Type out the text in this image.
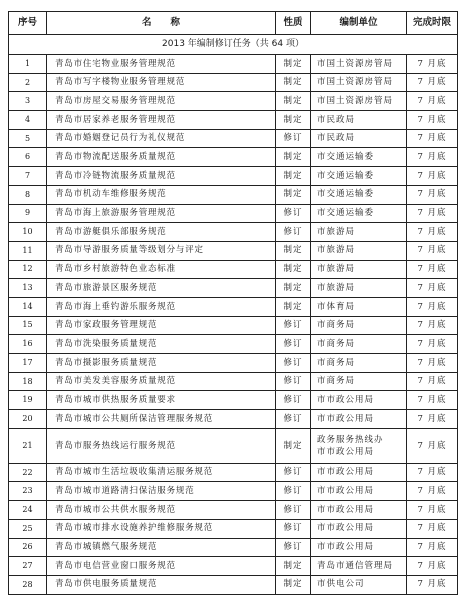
序号	名　　称	性质	编制单位	完成时限
2013 年编制修订任务（共 64 项）				
1	青岛市住宅物业服务管理规范	制定	市国土资源房管局	7 月底
2	青岛市写字楼物业服务管理规范	制定	市国土资源房管局	7 月底
3	青岛市房屋交易服务管理规范	制定	市国土资源房管局	7 月底
4	青岛市居家养老服务管理规范	制定	市民政局	7 月底
5	青岛市婚姻登记员行为礼仪规范	修订	市民政局	7 月底
6	青岛市物流配送服务质量规范	制定	市交通运输委	7 月底
7	青岛市冷链物流服务质量规范	制定	市交通运输委	7 月底
8	青岛市机动车维修服务规范	制定	市交通运输委	7 月底
9	青岛市海上旅游服务管理规范	修订	市交通运输委	7 月底
10	青岛市游艇俱乐部服务规范	修订	市旅游局	7 月底
11	青岛市导游服务质量等级划分与评定	制定	市旅游局	7 月底
12	青岛市乡村旅游特色业态标准	制定	市旅游局	7 月底
13	青岛市旅游景区服务规范	制定	市旅游局	7 月底
14	青岛市海上垂钓游乐服务规范	制定	市体育局	7 月底
15	青岛市家政服务管理规范	修订	市商务局	7 月底
16	青岛市洗染服务质量规范	修订	市商务局	7 月底
17	青岛市摄影服务质量规范	修订	市商务局	7 月底
18	青岛市美发美容服务质量规范	修订	市商务局	7 月底
19	青岛市城市供热服务质量要求	修订	市市政公用局	7 月底
20	青岛市城市公共厕所保洁管理服务规范	修订	市市政公用局	7 月底
21	青岛市服务热线运行服务规范	制定	政务服务热线办
市市政公用局	7 月底
22	青岛市城市生活垃圾收集清运服务规范	修订	市市政公用局	7 月底
23	青岛市城市道路清扫保洁服务规范	修订	市市政公用局	7 月底
24	青岛市城市公共供水服务规范	修订	市市政公用局	7 月底
25	青岛市城市排水设施养护维修服务规范	修订	市市政公用局	7 月底
26	青岛市城镇燃气服务规范	修订	市市政公用局	7 月底
27	青岛市电信营业窗口服务规范	制定	青岛市通信管理局	7 月底
28	青岛市供电服务质量规范	制定	市供电公司	7 月底
